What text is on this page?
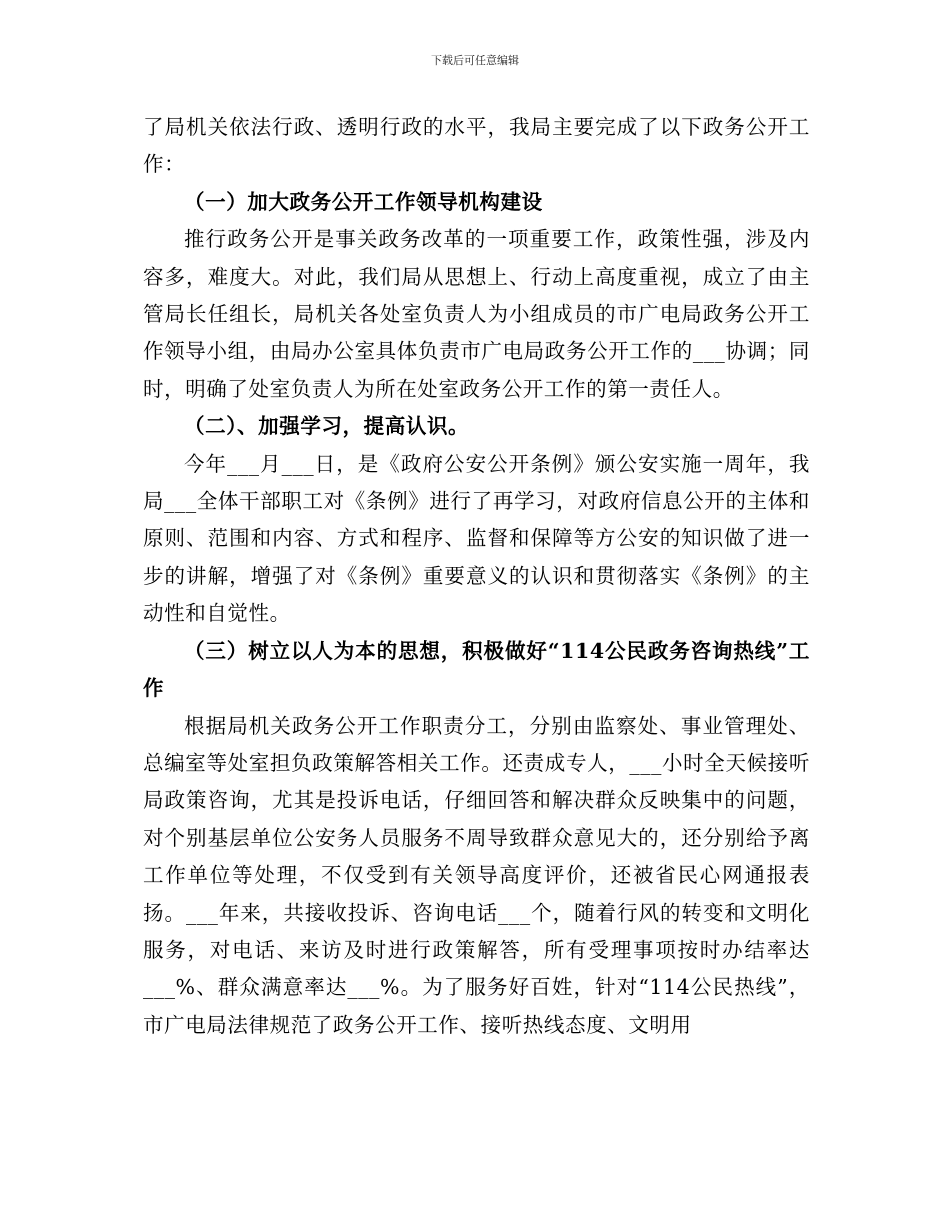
下载后可任意编辑

了局机关依法行政、透明行政的水平，我局主要完成了以下政务公开工作：

（一）加大政务公开工作领导机构建设

推行政务公开是事关政务改革的一项重要工作，政策性强，涉及内容多，难度大。对此，我们局从思想上、行动上高度重视，成立了由主管局长任组长，局机关各处室负责人为小组成员的市广电局政务公开工作领导小组，由局办公室具体负责市广电局政务公开工作的___协调；同时，明确了处室负责人为所在处室政务公开工作的第一责任人。

（二）、加强学习，提高认识。

今年___月___日，是《政府公安公开条例》颁公安实施一周年，我局___全体干部职工对《条例》进行了再学习，对政府信息公开的主体和原则、范围和内容、方式和程序、监督和保障等方公安的知识做了进一步的讲解，增强了对《条例》重要意义的认识和贯彻落实《条例》的主动性和自觉性。

（三）树立以人为本的思想，积极做好“114公民政务咨询热线”工作

根据局机关政务公开工作职责分工，分别由监察处、事业管理处、总编室等处室担负政策解答相关工作。还责成专人，___小时全天候接听局政策咨询，尤其是投诉电话，仔细回答和解决群众反映集中的问题，对个别基层单位公安务人员服务不周导致群众意见大的，还分别给予离工作单位等处理，不仅受到有关领导高度评价，还被省民心网通报表扬。___年来，共接收投诉、咨询电话___个，随着行风的转变和文明化服务，对电话、来访及时进行政策解答，所有受理事项按时办结率达___%、群众满意率达___%。为了服务好百姓，针对“114公民热线”，市广电局法律规范了政务公开工作、接听热线态度、文明用
